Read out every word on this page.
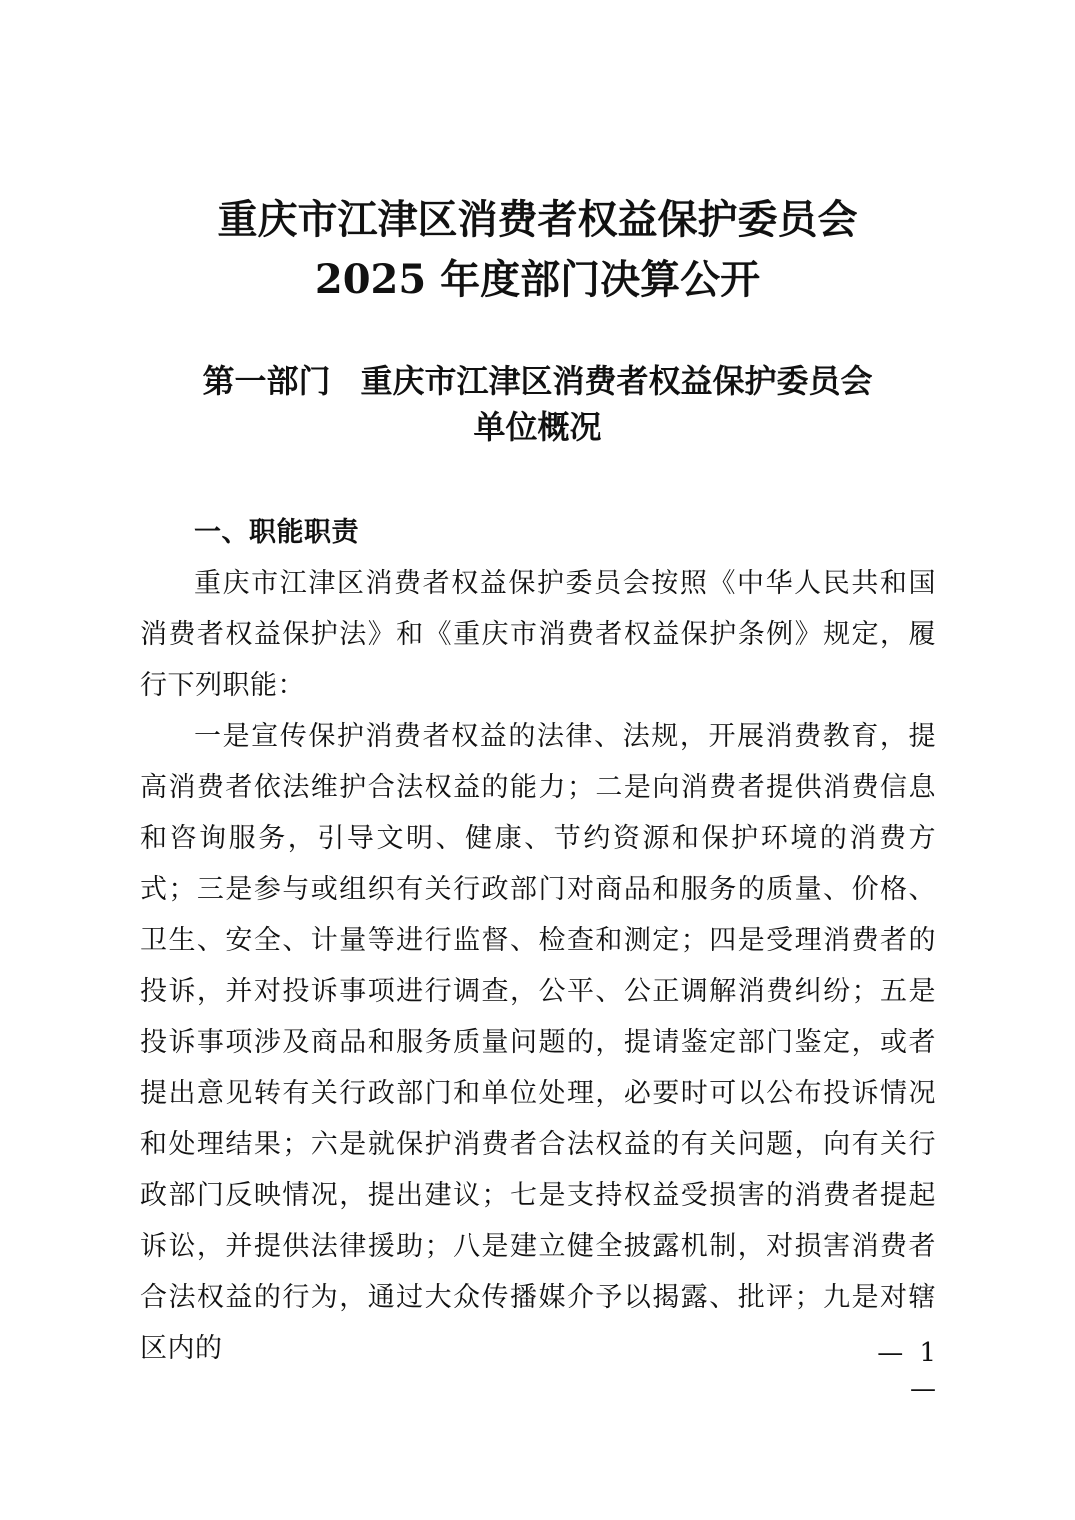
重庆市江津区消费者权益保护委员会
2025 年度部门决算公开
第一部门 重庆市江津区消费者权益保护委员会
单位概况

一、职能职责

重庆市江津区消费者权益保护委员会按照《中华人民共和国消费者权益保护法》和《重庆市消费者权益保护条例》规定，履行下列职能：

一是宣传保护消费者权益的法律、法规，开展消费教育，提高消费者依法维护合法权益的能力；二是向消费者提供消费信息和咨询服务，引导文明、健康、节约资源和保护环境的消费方式；三是参与或组织有关行政部门对商品和服务的质量、价格、卫生、安全、计量等进行监督、检查和测定；四是受理消费者的投诉，并对投诉事项进行调查，公平、公正调解消费纠纷；五是投诉事项涉及商品和服务质量问题的，提请鉴定部门鉴定，或者提出意见转有关行政部门和单位处理，必要时可以公布投诉情况和处理结果；六是就保护消费者合法权益的有关问题，向有关行政部门反映情况，提出建议；七是支持权益受损害的消费者提起诉讼，并提供法律援助；八是建立健全披露机制，对损害消费者合法权益的行为，通过大众传播媒介予以揭露、批评；九是对辖区内的	— 1 —
